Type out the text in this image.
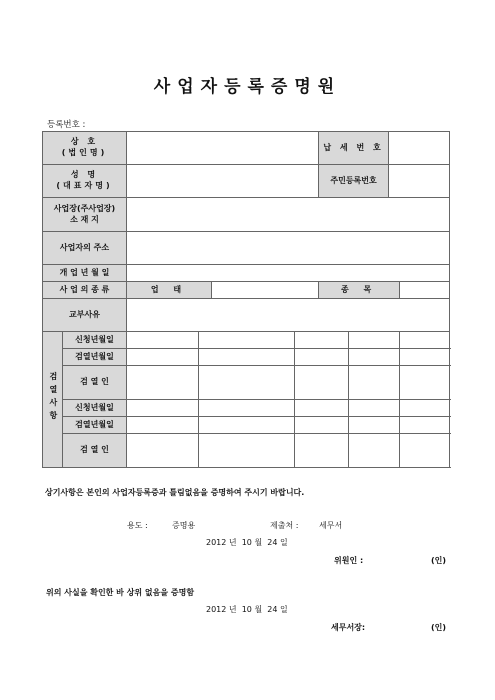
사업자등록증명원
등록번호 :
상 호
(법인명)						납 세 번 호			
성 명
(대표자명)						주민등록번호			
사업장(주사업장)
소 재 지									
사업자의 주소									
개 업 년 월 일									
사 업 의 종 류		업 태				종 목			
교부사유									
검열사항	신청년월일								
	검열년월일								
	검 열 인								
	신청년월일								
	검열년월일								
	검 열 인								
상기사항은 본인의 사업자등록증과 틀림없음을 증명하여 주시기 바랍니다.
용도 :	증명용	제출처 :	세무서
2012 년  10 월  24 일
위원인 :	(인)
위의 사실을 확인한 바 상위 없음을 증명함
2012 년  10 월  24 일
세무서장:	(인)
